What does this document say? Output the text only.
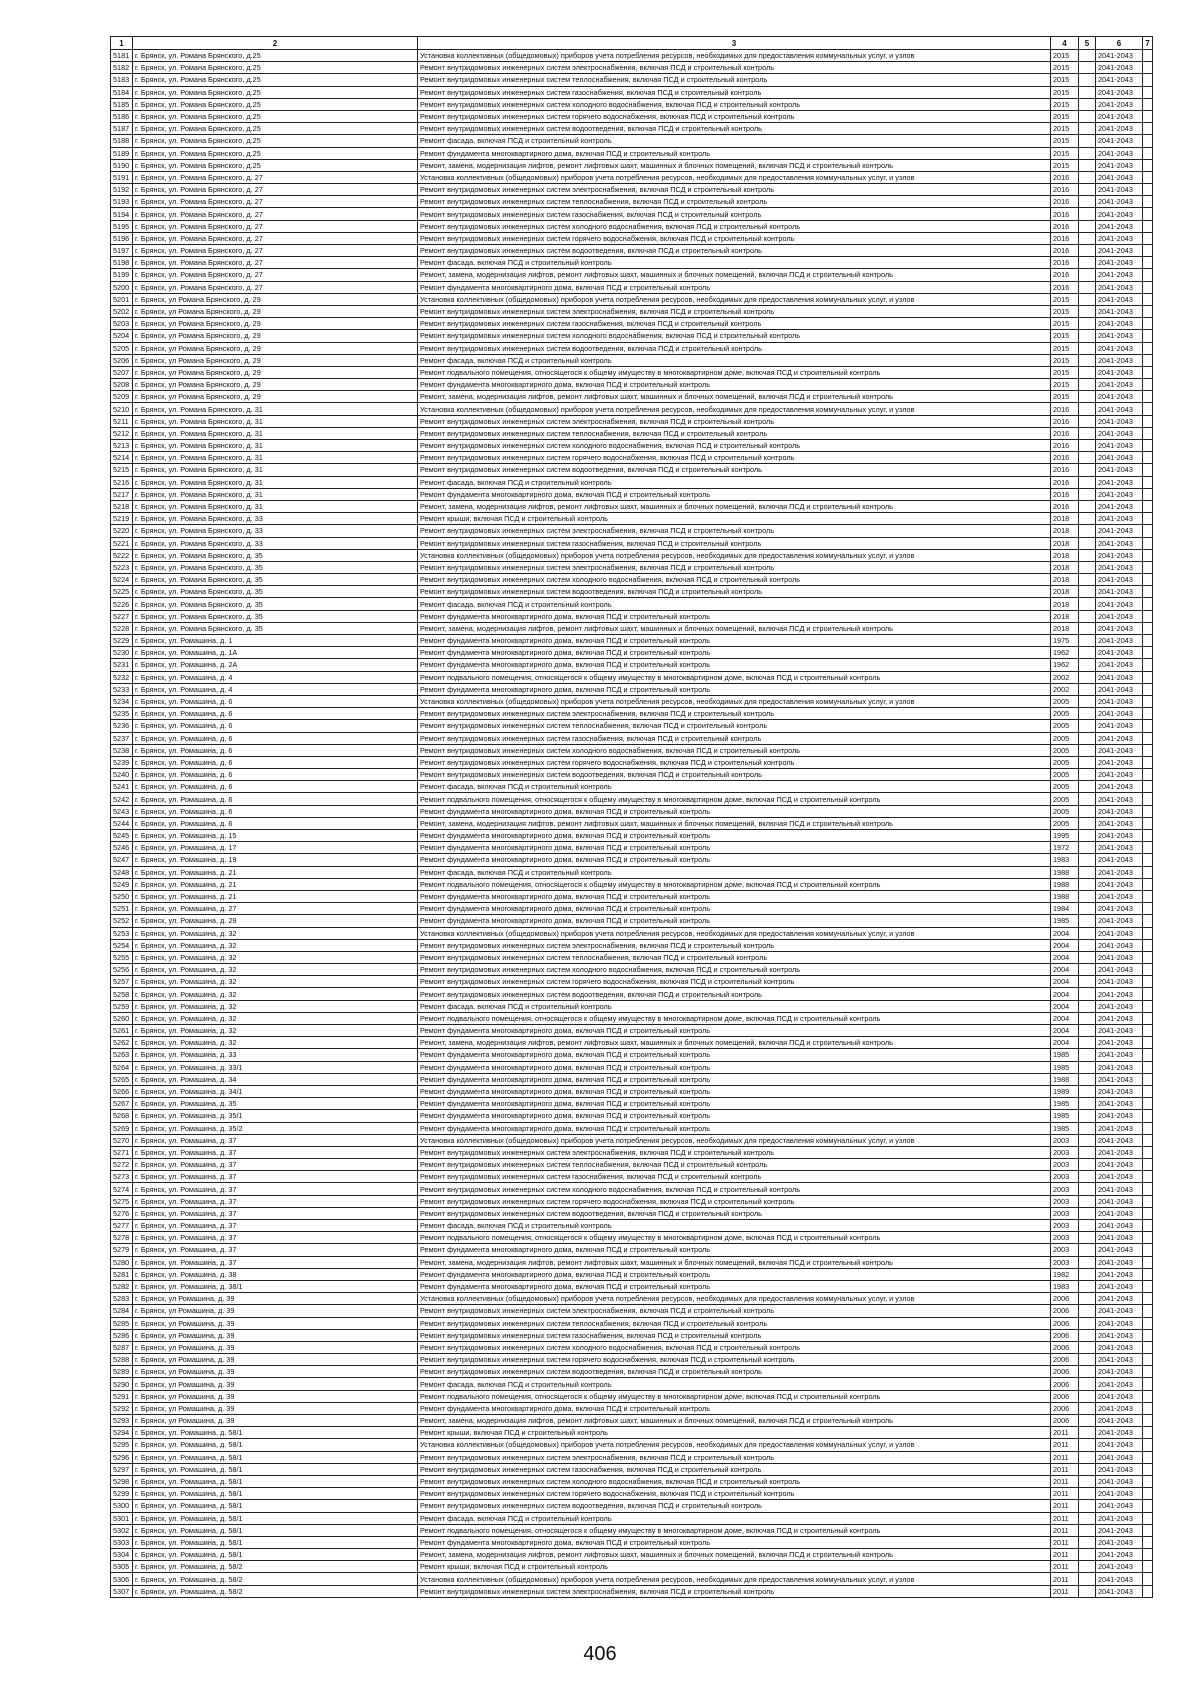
1	2	3	4	5	6	7
5181	г. Брянск, ул. Романа Брянского, д.25	Установка коллективных (общедомовых) приборов учета потребления ресурсов, необходимых для предоставления коммунальных услуг, и узлов	2015		2041-2043	
5182	г. Брянск, ул. Романа Брянского, д.25	Ремонт внутридомовых инженерных систем электроснабжения, включая ПСД и строительный контроль	2015		2041-2043	
5183	г. Брянск, ул. Романа Брянского, д.25	Ремонт внутридомовых инженерных систем теплоснабжения, включая ПСД и строительный контроль	2015		2041-2043	
5184	г. Брянск, ул. Романа Брянского, д.25	Ремонт внутридомовых инженерных систем газоснабжения, включая ПСД и строительный контроль	2015		2041-2043	
5185	г. Брянск, ул. Романа Брянского, д.25	Ремонт внутридомовых инженерных систем холодного водоснабжения, включая ПСД и строительный контроль	2015		2041-2043	
5186	г. Брянск, ул. Романа Брянского, д.25	Ремонт внутридомовых инженерных систем горячего водоснабжения, включая ПСД и строительный контроль	2015		2041-2043	
5187	г. Брянск, ул. Романа Брянского, д.25	Ремонт внутридомовых инженерных систем водоотведения, включая ПСД и строительный контроль	2015		2041-2043	
5188	г. Брянск, ул. Романа Брянского, д.25	Ремонт фасада, включая ПСД и строительный контроль	2015		2041-2043	
5189	г. Брянск, ул. Романа Брянского, д.25	Ремонт фундамента многоквартирного дома, включая ПСД и строительный контроль	2015		2041-2043	
5190	г. Брянск, ул. Романа Брянского, д.25	Ремонт, замена, модернизация лифтов, ремонт лифтовых шахт, машинных и блочных помещений, включая ПСД и строительный контроль	2015		2041-2043	
5191	г. Брянск, ул. Романа Брянского, д. 27	Установка коллективных (общедомовых) приборов учета потребления ресурсов, необходимых для предоставления коммунальных услуг, и узлов	2016		2041-2043	
5192	г. Брянск, ул. Романа Брянского, д. 27	Ремонт внутридомовых инженерных систем электроснабжения, включая ПСД и строительный контроль	2016		2041-2043	
5193	г. Брянск, ул. Романа Брянского, д. 27	Ремонт внутридомовых инженерных систем теплоснабжения, включая ПСД и строительный контроль	2016		2041-2043	
5194	г. Брянск, ул. Романа Брянского, д. 27	Ремонт внутридомовых инженерных систем газоснабжения, включая ПСД и строительный контроль	2016		2041-2043	
5195	г. Брянск, ул. Романа Брянского, д. 27	Ремонт внутридомовых инженерных систем холодного водоснабжения, включая ПСД и строительный контроль	2016		2041-2043	
5196	г. Брянск, ул. Романа Брянского, д. 27	Ремонт внутридомовых инженерных систем горячего водоснабжения, включая ПСД и строительный контроль	2016		2041-2043	
5197	г. Брянск, ул. Романа Брянского, д. 27	Ремонт внутридомовых инженерных систем водоотведения, включая ПСД и строительный контроль	2016		2041-2043	
5198	г. Брянск, ул. Романа Брянского, д. 27	Ремонт фасада, включая ПСД и строительный контроль	2016		2041-2043	
5199	г. Брянск, ул. Романа Брянского, д. 27	Ремонт, замена, модернизация лифтов, ремонт лифтовых шахт, машинных и блочных помещений, включая ПСД и строительный контроль	2016		2041-2043	
5200	г. Брянск, ул. Романа Брянского, д. 27	Ремонт фундамента многоквартирного дома, включая ПСД и строительный контроль	2016		2041-2043	
5201	г. Брянск, ул Романа Брянского, д. 29	Установка коллективных (общедомовых) приборов учета потребления ресурсов, необходимых для предоставления коммунальных услуг, и узлов	2015		2041-2043	
5202	г. Брянск, ул Романа Брянского, д. 29	Ремонт внутридомовых инженерных систем электроснабжения, включая ПСД и строительный контроль	2015		2041-2043	
5203	г. Брянск, ул Романа Брянского, д. 29	Ремонт внутридомовых инженерных систем газоснабжения, включая ПСД и строительный контроль	2015		2041-2043	
5204	г. Брянск, ул Романа Брянского, д. 29	Ремонт внутридомовых инженерных систем холодного водоснабжения, включая ПСД и строительный контроль	2015		2041-2043	
5205	г. Брянск, ул Романа Брянского, д. 29	Ремонт внутридомовых инженерных систем водоотведения, включая ПСД и строительный контроль	2015		2041-2043	
5206	г. Брянск, ул Романа Брянского, д. 29	Ремонт фасада, включая ПСД и строительный контроль	2015		2041-2043	
5207	г. Брянск, ул Романа Брянского, д. 29	Ремонт подвального помещения, относящегося к общему имуществу в многоквартирном доме, включая ПСД и строительный контроль	2015		2041-2043	
5208	г. Брянск, ул Романа Брянского, д. 29	Ремонт фундамента многоквартирного дома, включая ПСД и строительный контроль	2015		2041-2043	
5209	г. Брянск, ул Романа Брянского, д. 29	Ремонт, замена, модернизация лифтов, ремонт лифтовых шахт, машинных и блочных помещений, включая ПСД и строительный контроль	2015		2041-2043	
5210	г. Брянск, ул. Романа Брянского, д. 31	Установка коллективных (общедомовых) приборов учета потребления ресурсов, необходимых для предоставления коммунальных услуг, и узлов	2016		2041-2043	
5211	г. Брянск, ул. Романа Брянского, д. 31	Ремонт внутридомовых инженерных систем электроснабжения, включая ПСД и строительный контроль	2016		2041-2043	
5212	г. Брянск, ул. Романа Брянского, д. 31	Ремонт внутридомовых инженерных систем теплоснабжения, включая ПСД и строительный контроль	2016		2041-2043	
5213	г. Брянск, ул. Романа Брянского, д. 31	Ремонт внутридомовых инженерных систем холодного водоснабжения, включая ПСД и строительный контроль	2016		2041-2043	
5214	г. Брянск, ул. Романа Брянского, д. 31	Ремонт внутридомовых инженерных систем горячего водоснабжения, включая ПСД и строительный контроль	2016		2041-2043	
5215	г. Брянск, ул. Романа Брянского, д. 31	Ремонт внутридомовых инженерных систем водоотведения, включая ПСД и строительный контроль	2016		2041-2043	
5216	г. Брянск, ул. Романа Брянского, д. 31	Ремонт фасада, включая ПСД и строительный контроль	2016		2041-2043	
5217	г. Брянск, ул. Романа Брянского, д. 31	Ремонт фундамента многоквартирного дома, включая ПСД и строительный контроль	2016		2041-2043	
5218	г. Брянск, ул. Романа Брянского, д. 31	Ремонт, замена, модернизация лифтов, ремонт лифтовых шахт, машинных и блочных помещений, включая ПСД и строительный контроль	2016		2041-2043	
5219	г. Брянск, ул. Романа Брянского, д. 33	Ремонт крыши, включая ПСД и строительный контроль	2018		2041-2043	
5220	г. Брянск, ул. Романа Брянского, д. 33	Ремонт внутридомовых инженерных систем электроснабжения, включая ПСД и строительный контроль	2018		2041-2043	
5221	г. Брянск, ул. Романа Брянского, д. 33	Ремонт внутридомовых инженерных систем газоснабжения, включая ПСД и строительный контроль	2018		2041-2043	
5222	г. Брянск, ул. Романа Брянского, д. 35	Установка коллективных (общедомовых) приборов учета потребления ресурсов, необходимых для предоставления коммунальных услуг, и узлов	2018		2041-2043	
5223	г. Брянск, ул. Романа Брянского, д. 35	Ремонт внутридомовых инженерных систем электроснабжения, включая ПСД и строительный контроль	2018		2041-2043	
5224	г. Брянск, ул. Романа Брянского, д. 35	Ремонт внутридомовых инженерных систем холодного водоснабжения, включая ПСД и строительный контроль	2018		2041-2043	
5225	г. Брянск, ул. Романа Брянского, д. 35	Ремонт внутридомовых инженерных систем водоотведения, включая ПСД и строительный контроль	2018		2041-2043	
5226	г. Брянск, ул. Романа Брянского, д. 35	Ремонт фасада, включая ПСД и строительный контроль	2018		2041-2043	
5227	г. Брянск, ул. Романа Брянского, д. 35	Ремонт фундамента многоквартирного дома, включая ПСД и строительный контроль	2018		2041-2043	
5228	г. Брянск, ул. Романа Брянского, д. 35	Ремонт, замена, модернизация лифтов, ремонт лифтовых шахт, машинных и блочных помещений, включая ПСД и строительный контроль	2018		2041-2043	
5229	г. Брянск, ул. Ромашина, д. 1	Ремонт фундамента многоквартирного дома, включая ПСД и строительный контроль	1975		2041-2043	
5230	г. Брянск, ул. Ромашина, д. 1А	Ремонт фундамента многоквартирного дома, включая ПСД и строительный контроль	1962		2041-2043	
5231	г. Брянск, ул. Ромашина, д. 2А	Ремонт фундамента многоквартирного дома, включая ПСД и строительный контроль	1962		2041-2043	
5232	г. Брянск, ул. Ромашина, д. 4	Ремонт подвального помещения, относящегося к общему имуществу в многоквартирном доме, включая ПСД и строительный контроль	2002		2041-2043	
5233	г. Брянск, ул. Ромашина, д. 4	Ремонт фундамента многоквартирного дома, включая ПСД и строительный контроль	2002		2041-2043	
5234	г. Брянск, ул. Ромашина, д. 6	Установка коллективных (общедомовых) приборов учета потребления ресурсов, необходимых для предоставления коммунальных услуг, и узлов	2005		2041-2043	
5235	г. Брянск, ул. Ромашина, д. 6	Ремонт внутридомовых инженерных систем электроснабжения, включая ПСД и строительный контроль	2005		2041-2043	
5236	г. Брянск, ул. Ромашина, д. 6	Ремонт внутридомовых инженерных систем теплоснабжения, включая ПСД и строительный контроль	2005		2041-2043	
5237	г. Брянск, ул. Ромашина, д. 6	Ремонт внутридомовых инженерных систем газоснабжения, включая ПСД и строительный контроль	2005		2041-2043	
5238	г. Брянск, ул. Ромашина, д. 6	Ремонт внутридомовых инженерных систем холодного водоснабжения, включая ПСД и строительный контроль	2005		2041-2043	
5239	г. Брянск, ул. Ромашина, д. 6	Ремонт внутридомовых инженерных систем горячего водоснабжения, включая ПСД и строительный контроль	2005		2041-2043	
5240	г. Брянск, ул. Ромашина, д. 6	Ремонт внутридомовых инженерных систем водоотведения, включая ПСД и строительный контроль	2005		2041-2043	
5241	г. Брянск, ул. Ромашина, д. 6	Ремонт фасада, включая ПСД и строительный контроль	2005		2041-2043	
5242	г. Брянск, ул. Ромашина, д. 6	Ремонт подвального помещения, относящегося к общему имуществу в многоквартирном доме, включая ПСД и строительный контроль	2005		2041-2043	
5243	г. Брянск, ул. Ромашина, д. 6	Ремонт фундамента многоквартирного дома, включая ПСД и строительный контроль	2005		2041-2043	
5244	г. Брянск, ул. Ромашина, д. 6	Ремонт, замена, модернизация лифтов, ремонт лифтовых шахт, машинных и блочных помещений, включая ПСД и строительный контроль	2005		2041-2043	
5245	г. Брянск, ул. Ромашина, д. 15	Ремонт фундамента многоквартирного дома, включая ПСД и строительный контроль	1995		2041-2043	
5246	г. Брянск, ул. Ромашина, д. 17	Ремонт фундамента многоквартирного дома, включая ПСД и строительный контроль	1972		2041-2043	
5247	г. Брянск, ул. Ромашина, д. 19	Ремонт фундамента многоквартирного дома, включая ПСД и строительный контроль	1983		2041-2043	
5248	г. Брянск, ул. Ромашина, д. 21	Ремонт фасада, включая ПСД и строительный контроль	1988		2041-2043	
5249	г. Брянск, ул. Ромашина, д. 21	Ремонт подвального помещения, относящегося к общему имуществу в многоквартирном доме, включая ПСД и строительный контроль	1988		2041-2043	
5250	г. Брянск, ул. Ромашина, д. 21	Ремонт фундамента многоквартирного дома, включая ПСД и строительный контроль	1988		2041-2043	
5251	г. Брянск, ул. Ромашина, д. 27	Ремонт фундамента многоквартирного дома, включая ПСД и строительный контроль	1984		2041-2043	
5252	г. Брянск, ул. Ромашина, д. 29	Ремонт фундамента многоквартирного дома, включая ПСД и строительный контроль	1985		2041-2043	
5253	г. Брянск, ул. Ромашина, д. 32	Установка коллективных (общедомовых) приборов учета потребления ресурсов, необходимых для предоставления коммунальных услуг, и узлов	2004		2041-2043	
5254	г. Брянск, ул. Ромашина, д. 32	Ремонт внутридомовых инженерных систем электроснабжения, включая ПСД и строительный контроль	2004		2041-2043	
5255	г. Брянск, ул. Ромашина, д. 32	Ремонт внутридомовых инженерных систем теплоснабжения, включая ПСД и строительный контроль	2004		2041-2043	
5256	г. Брянск, ул. Ромашина, д. 32	Ремонт внутридомовых инженерных систем холодного водоснабжения, включая ПСД и строительный контроль	2004		2041-2043	
5257	г. Брянск, ул. Ромашина, д. 32	Ремонт внутридомовых инженерных систем горячего водоснабжения, включая ПСД и строительный контроль	2004		2041-2043	
5258	г. Брянск, ул. Ромашина, д. 32	Ремонт внутридомовых инженерных систем водоотведения, включая ПСД и строительный контроль	2004		2041-2043	
5259	г. Брянск, ул. Ромашина, д. 32	Ремонт фасада, включая ПСД и строительный контроль	2004		2041-2043	
5260	г. Брянск, ул. Ромашина, д. 32	Ремонт подвального помещения, относящегося к общему имуществу в многоквартирном доме, включая ПСД и строительный контроль	2004		2041-2043	
5261	г. Брянск, ул. Ромашина, д. 32	Ремонт фундамента многоквартирного дома, включая ПСД и строительный контроль	2004		2041-2043	
5262	г. Брянск, ул. Ромашина, д. 32	Ремонт, замена, модернизация лифтов, ремонт лифтовых шахт, машинных и блочных помещений, включая ПСД и строительный контроль	2004		2041-2043	
5263	г. Брянск, ул. Ромашина, д. 33	Ремонт фундамента многоквартирного дома, включая ПСД и строительный контроль	1985		2041-2043	
5264	г. Брянск, ул. Ромашина, д. 33/1	Ремонт фундамента многоквартирного дома, включая ПСД и строительный контроль	1985		2041-2043	
5265	г. Брянск, ул. Ромашина, д. 34	Ремонт фундамента многоквартирного дома, включая ПСД и строительный контроль	1988		2041-2043	
5266	г. Брянск, ул. Ромашина, д. 34/1	Ремонт фундамента многоквартирного дома, включая ПСД и строительный контроль	1989		2041-2043	
5267	г. Брянск, ул. Ромашина, д. 35	Ремонт фундамента многоквартирного дома, включая ПСД и строительный контроль	1985		2041-2043	
5268	г. Брянск, ул. Ромашина, д. 35/1	Ремонт фундамента многоквартирного дома, включая ПСД и строительный контроль	1985		2041-2043	
5269	г. Брянск, ул. Ромашина, д. 35/2	Ремонт фундамента многоквартирного дома, включая ПСД и строительный контроль	1985		2041-2043	
5270	г. Брянск, ул. Ромашина, д. 37	Установка коллективных (общедомовых) приборов учета потребления ресурсов, необходимых для предоставления коммунальных услуг, и узлов	2003		2041-2043	
5271	г. Брянск, ул. Ромашина, д. 37	Ремонт внутридомовых инженерных систем электроснабжения, включая ПСД и строительный контроль	2003		2041-2043	
5272	г. Брянск, ул. Ромашина, д. 37	Ремонт внутридомовых инженерных систем теплоснабжения, включая ПСД и строительный контроль	2003		2041-2043	
5273	г. Брянск, ул. Ромашина, д. 37	Ремонт внутридомовых инженерных систем газоснабжения, включая ПСД и строительный контроль	2003		2041-2043	
5274	г. Брянск, ул. Ромашина, д. 37	Ремонт внутридомовых инженерных систем холодного водоснабжения, включая ПСД и строительный контроль	2003		2041-2043	
5275	г. Брянск, ул. Ромашина, д. 37	Ремонт внутридомовых инженерных систем горячего водоснабжения, включая ПСД и строительный контроль	2003		2041-2043	
5276	г. Брянск, ул. Ромашина, д. 37	Ремонт внутридомовых инженерных систем водоотведения, включая ПСД и строительный контроль	2003		2041-2043	
5277	г. Брянск, ул. Ромашина, д. 37	Ремонт фасада, включая ПСД и строительный контроль	2003		2041-2043	
5278	г. Брянск, ул. Ромашина, д. 37	Ремонт подвального помещения, относящегося к общему имуществу в многоквартирном доме, включая ПСД и строительный контроль	2003		2041-2043	
5279	г. Брянск, ул. Ромашина, д. 37	Ремонт фундамента многоквартирного дома, включая ПСД и строительный контроль	2003		2041-2043	
5280	г. Брянск, ул. Ромашина, д. 37	Ремонт, замена, модернизация лифтов, ремонт лифтовых шахт, машинных и блочных помещений, включая ПСД и строительный контроль	2003		2041-2043	
5281	г. Брянск, ул. Ромашина, д. 38	Ремонт фундамента многоквартирного дома, включая ПСД и строительный контроль	1982		2041-2043	
5282	г. Брянск, ул. Ромашина, д. 38/1	Ремонт фундамента многоквартирного дома, включая ПСД и строительный контроль	1983		2041-2043	
5283	г. Брянск, ул Ромашина, д. 39	Установка коллективных (общедомовых) приборов учета потребления ресурсов, необходимых для предоставления коммунальных услуг, и узлов	2006		2041-2043	
5284	г. Брянск, ул Ромашина, д. 39	Ремонт внутридомовых инженерных систем электроснабжения, включая ПСД и строительный контроль	2006		2041-2043	
5285	г. Брянск, ул Ромашина, д. 39	Ремонт внутридомовых инженерных систем теплоснабжения, включая ПСД и строительный контроль	2006		2041-2043	
5286	г. Брянск, ул Ромашина, д. 39	Ремонт внутридомовых инженерных систем газоснабжения, включая ПСД и строительный контроль	2006		2041-2043	
5287	г. Брянск, ул Ромашина, д. 39	Ремонт внутридомовых инженерных систем холодного водоснабжения, включая ПСД и строительный контроль	2006		2041-2043	
5288	г. Брянск, ул Ромашина, д. 39	Ремонт внутридомовых инженерных систем горячего водоснабжения, включая ПСД и строительный контроль	2006		2041-2043	
5289	г. Брянск, ул Ромашина, д. 39	Ремонт внутридомовых инженерных систем водоотведения, включая ПСД и строительный контроль	2006		2041-2043	
5290	г. Брянск, ул Ромашина, д. 39	Ремонт фасада, включая ПСД и строительный контроль	2006		2041-2043	
5291	г. Брянск, ул Ромашина, д. 39	Ремонт подвального помещения, относящегося к общему имуществу в многоквартирном доме, включая ПСД и строительный контроль	2006		2041-2043	
5292	г. Брянск, ул Ромашина, д. 39	Ремонт фундамента многоквартирного дома, включая ПСД и строительный контроль	2006		2041-2043	
5293	г. Брянск, ул Ромашина, д. 39	Ремонт, замена, модернизация лифтов, ремонт лифтовых шахт, машинных и блочных помещений, включая ПСД и строительный контроль	2006		2041-2043	
5294	г. Брянск, ул. Ромашина, д. 58/1	Ремонт крыши, включая ПСД и строительный контроль	2011		2041-2043	
5295	г. Брянск, ул. Ромашина, д. 58/1	Установка коллективных (общедомовых) приборов учета потребления ресурсов, необходимых для предоставления коммунальных услуг, и узлов	2011		2041-2043	
5296	г. Брянск, ул. Ромашина, д. 58/1	Ремонт внутридомовых инженерных систем электроснабжения, включая ПСД и строительный контроль	2011		2041-2043	
5297	г. Брянск, ул. Ромашина, д. 58/1	Ремонт внутридомовых инженерных систем газоснабжения, включая ПСД и строительный контроль	2011		2041-2043	
5298	г. Брянск, ул. Ромашина, д. 58/1	Ремонт внутридомовых инженерных систем холодного водоснабжения, включая ПСД и строительный контроль	2011		2041-2043	
5299	г. Брянск, ул. Ромашина, д. 58/1	Ремонт внутридомовых инженерных систем горячего водоснабжения, включая ПСД и строительный контроль	2011		2041-2043	
5300	г. Брянск, ул. Ромашина, д. 58/1	Ремонт внутридомовых инженерных систем водоотведения, включая ПСД и строительный контроль	2011		2041-2043	
5301	г. Брянск, ул. Ромашина, д. 58/1	Ремонт фасада, включая ПСД и строительный контроль	2011		2041-2043	
5302	г. Брянск, ул. Ромашина, д. 58/1	Ремонт подвального помещения, относящегося к общему имуществу в многоквартирном доме, включая ПСД и строительный контроль	2011		2041-2043	
5303	г. Брянск, ул. Ромашина, д. 58/1	Ремонт фундамента многоквартирного дома, включая ПСД и строительный контроль	2011		2041-2043	
5304	г. Брянск, ул. Ромашина, д. 58/1	Ремонт, замена, модернизация лифтов, ремонт лифтовых шахт, машинных и блочных помещений, включая ПСД и строительный контроль	2011		2041-2043	
5305	г. Брянск, ул. Ромашина, д. 58/2	Ремонт крыши, включая ПСД и строительный контроль	2011		2041-2043	
5306	г. Брянск, ул. Ромашина, д. 58/2	Установка коллективных (общедомовых) приборов учета потребления ресурсов, необходимых для предоставления коммунальных услуг, и узлов	2011		2041-2043	
5307	г. Брянск, ул. Ромашина, д. 58/2	Ремонт внутридомовых инженерных систем электроснабжения, включая ПСД и строительный контроль	2011		2041-2043	
406
